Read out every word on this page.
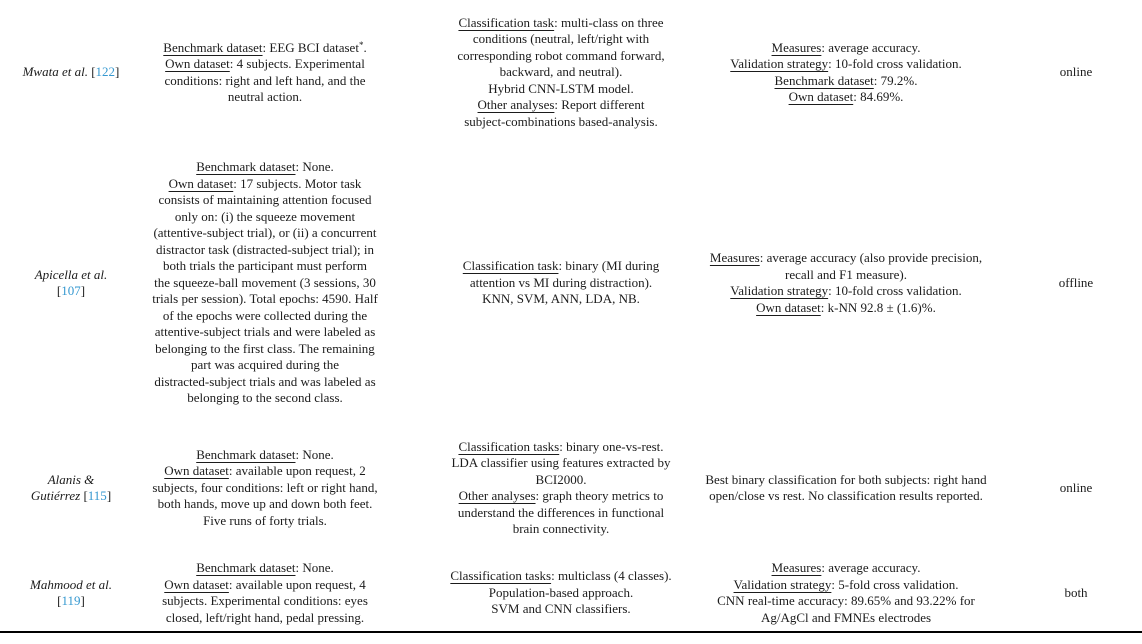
Mwata et al. [122]
Benchmark dataset: EEG BCI dataset*.
Own dataset: 4 subjects. Experimental
conditions: right and left hand, and the
neutral action.
Classification task: multi-class on three
conditions (neutral, left/right with
corresponding robot command forward,
backward, and neutral).
Hybrid CNN-LSTM model.
Other analyses: Report different
subject-combinations based-analysis.
Measures: average accuracy.
Validation strategy: 10-fold cross validation.
Benchmark dataset: 79.2%.
Own dataset: 84.69%.
online
Apicella et al.
[107]
Benchmark dataset: None.
Own dataset: 17 subjects. Motor task
consists of maintaining attention focused
only on: (i) the squeeze movement
(attentive-subject trial), or (ii) a concurrent
distractor task (distracted-subject trial); in
both trials the participant must perform
the squeeze-ball movement (3 sessions, 30
trials per session). Total epochs: 4590. Half
of the epochs were collected during the
attentive-subject trials and were labeled as
belonging to the first class. The remaining
part was acquired during the
distracted-subject trials and was labeled as
belonging to the second class.
Classification task: binary (MI during
attention vs MI during distraction).
KNN, SVM, ANN, LDA, NB.
Measures: average accuracy (also provide precision,
recall and F1 measure).
Validation strategy: 10-fold cross validation.
Own dataset: k-NN 92.8 ± (1.6)%.
offline
Alanis &
Gutiérrez [115]
Benchmark dataset: None.
Own dataset: available upon request, 2
subjects, four conditions: left or right hand,
both hands, move up and down both feet.
Five runs of forty trials.
Classification tasks: binary one-vs-rest.
LDA classifier using features extracted by
BCI2000.
Other analyses: graph theory metrics to
understand the differences in functional
brain connectivity.
Best binary classification for both subjects: right hand
open/close vs rest. No classification results reported.
online
Mahmood et al.
[119]
Benchmark dataset: None.
Own dataset: available upon request, 4
subjects. Experimental conditions: eyes
closed, left/right hand, pedal pressing.
Classification tasks: multiclass (4 classes).
Population-based approach.
SVM and CNN classifiers.
Measures: average accuracy.
Validation strategy: 5-fold cross validation.
CNN real-time accuracy: 89.65% and 93.22% for
Ag/AgCl and FMNEs electrodes
both
